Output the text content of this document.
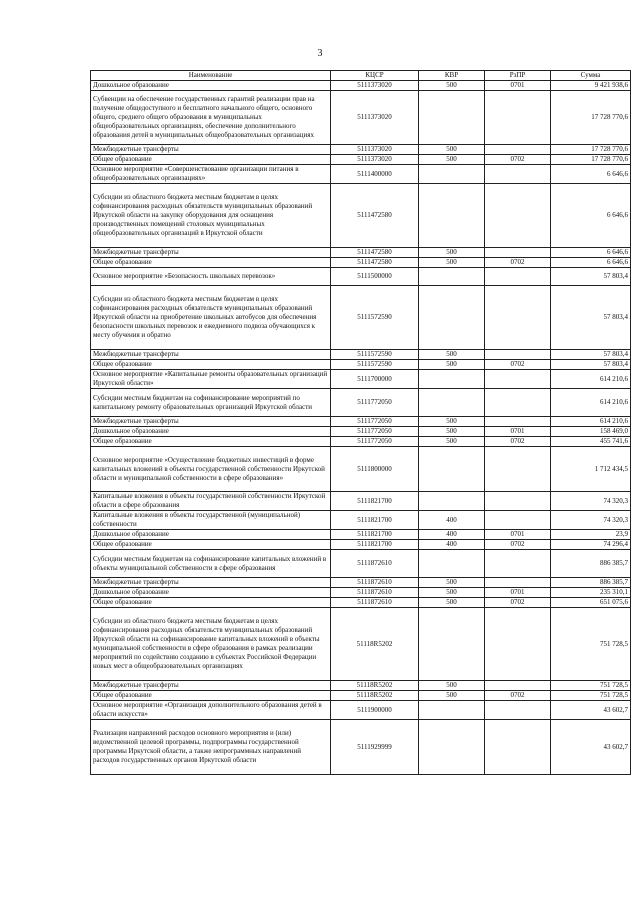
3
Наименование	КЦСР	КВР	РзПР	Сумма
Дошкольное образование	5111373020	500	0701	9 421 938,6
Субвенции на обеспечение государственных гарантий реализации прав на получение общедоступного и бесплатного начального общего, основного общего, среднего общего образования в муниципальных общеобразовательных организациях, обеспечение дополнительного образования детей в муниципальных общеобразовательных организациях	5111373020			17 728 770,6
Межбюджетные трансферты	5111373020	500		17 728 770,6
Общее образование	5111373020	500	0702	17 728 770,6
Основное мероприятие «Совершенствование организации питания в общеобразовательных организациях»	5111400000			6 646,6
Субсидии из областного бюджета местным бюджетам в целях софинансирования расходных обязательств муниципальных образований Иркутской области на закупку оборудования для оснащения производственных помещений столовых муниципальных общеобразовательных организаций в Иркутской области	5111472580			6 646,6
Межбюджетные трансферты	5111472580	500		6 646,6
Общее образование	5111472580	500	0702	6 646,6
Основное мероприятие «Безопасность школьных перевозок»	5111500000			57 803,4
Субсидии из областного бюджета местным бюджетам в целях софинансирования расходных обязательств муниципальных образований Иркутской области на приобретение школьных автобусов для обеспечения безопасности школьных перевозок и ежедневного подвоза обучающихся к месту обучения и обратно	5111572590			57 803,4
Межбюджетные трансферты	5111572590	500		57 803,4
Общее образование	5111572590	500	0702	57 803,4
Основное мероприятие «Капитальные ремонты образовательных организаций Иркутской области»	5111700000			614 210,6
Субсидии местным бюджетам на софинансирование мероприятий по капитальному ремонту образовательных организаций Иркутской области	5111772050			614 210,6
Межбюджетные трансферты	5111772050	500		614 210,6
Дошкольное образование	5111772050	500	0701	158 469,0
Общее образование	5111772050	500	0702	455 741,6
Основное мероприятие «Осуществление бюджетных инвестиций в форме капитальных вложений в объекты государственной собственности Иркутской области и муниципальной собственности в сфере образования»	5111800000			1 712 434,5
Капитальные вложения в объекты государственной собственности Иркутской области в сфере образования	5111821700			74 320,3
Капитальные вложения в объекты государственной (муниципальной) собственности	5111821700	400		74 320,3
Дошкольное образование	5111821700	400	0701	23,9
Общее образование	5111821700	400	0702	74 296,4
Субсидии местным бюджетам на софинансирование капитальных вложений в объекты муниципальной собственности в сфере образования	5111872610			886 385,7
Межбюджетные трансферты	5111872610	500		886 385,7
Дошкольное образование	5111872610	500	0701	235 310,1
Общее образование	5111872610	500	0702	651 075,6
Субсидии из областного бюджета местным бюджетам в целях софинансирования расходных обязательств муниципальных образований Иркутской области на софинансирование капитальных вложений в объекты муниципальной собственности в сфере образования в рамках реализации мероприятий по содействию созданию в субъектах Российской Федерации новых мест в общеобразовательных организациях	51118R5202			751 728,5
Межбюджетные трансферты	51118R5202	500		751 728,5
Общее образование	51118R5202	500	0702	751 728,5
Основное мероприятие «Организация дополнительного образования детей в области искусств»	5111900000			43 602,7
Реализация направлений расходов основного мероприятия и (или) ведомственной целевой программы, подпрограммы государственной программы Иркутской области, а также непрограммных направлений расходов государственных органов Иркутской области	5111929999			43 602,7
